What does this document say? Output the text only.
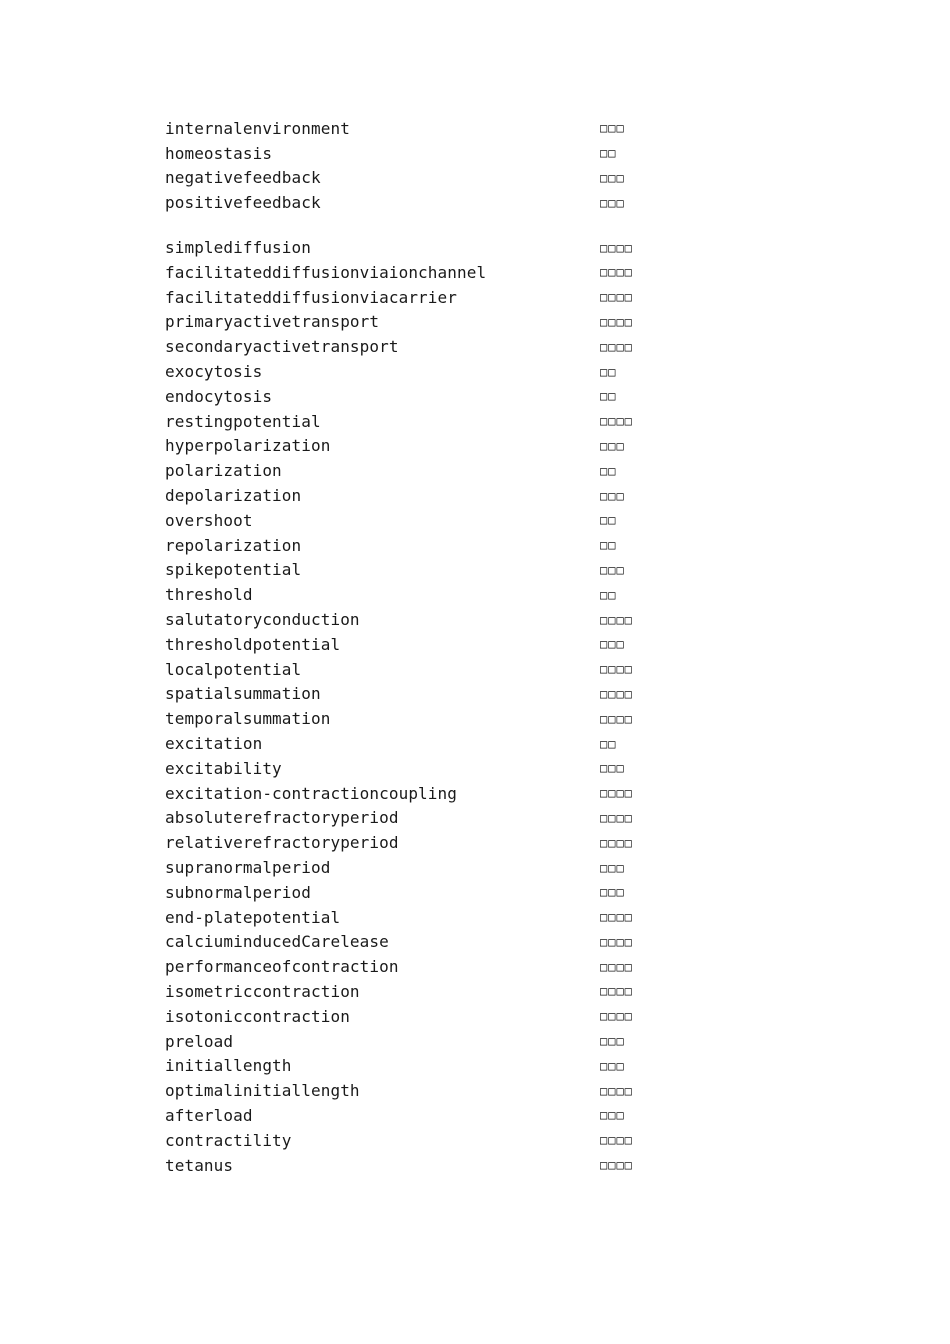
internalenvironment	□□□
homeostasis	□□
negativefeedback	□□□
positivefeedback	□□□
simplediffusion	□□□□
facilitateddiffusionviaionchannel	□□□□
facilitateddiffusionviacarrier	□□□□
primaryactivetransport	□□□□
secondaryactivetransport	□□□□
exocytosis	□□
endocytosis	□□
restingpotential	□□□□
hyperpolarization	□□□
polarization	□□
depolarization	□□□
overshoot	□□
repolarization	□□
spikepotential	□□□
threshold	□□
salutatoryconduction	□□□□
thresholdpotential	□□□
localpotential	□□□□
spatialsummation	□□□□
temporalsummation	□□□□
excitation	□□
excitability	□□□
excitation-contractioncoupling	□□□□
absoluterefractoryperiod	□□□□
relativerefractoryperiod	□□□□
supranormalperiod	□□□
subnormalperiod	□□□
end-platepotential	□□□□
calciuminducedCarelease	□□□□
performanceofcontraction	□□□□
isometriccontraction	□□□□
isotoniccontraction	□□□□
preload	□□□
initiallength	□□□
optimalinitiallength	□□□□
afterload	□□□
contractility	□□□□
tetanus	□□□□
